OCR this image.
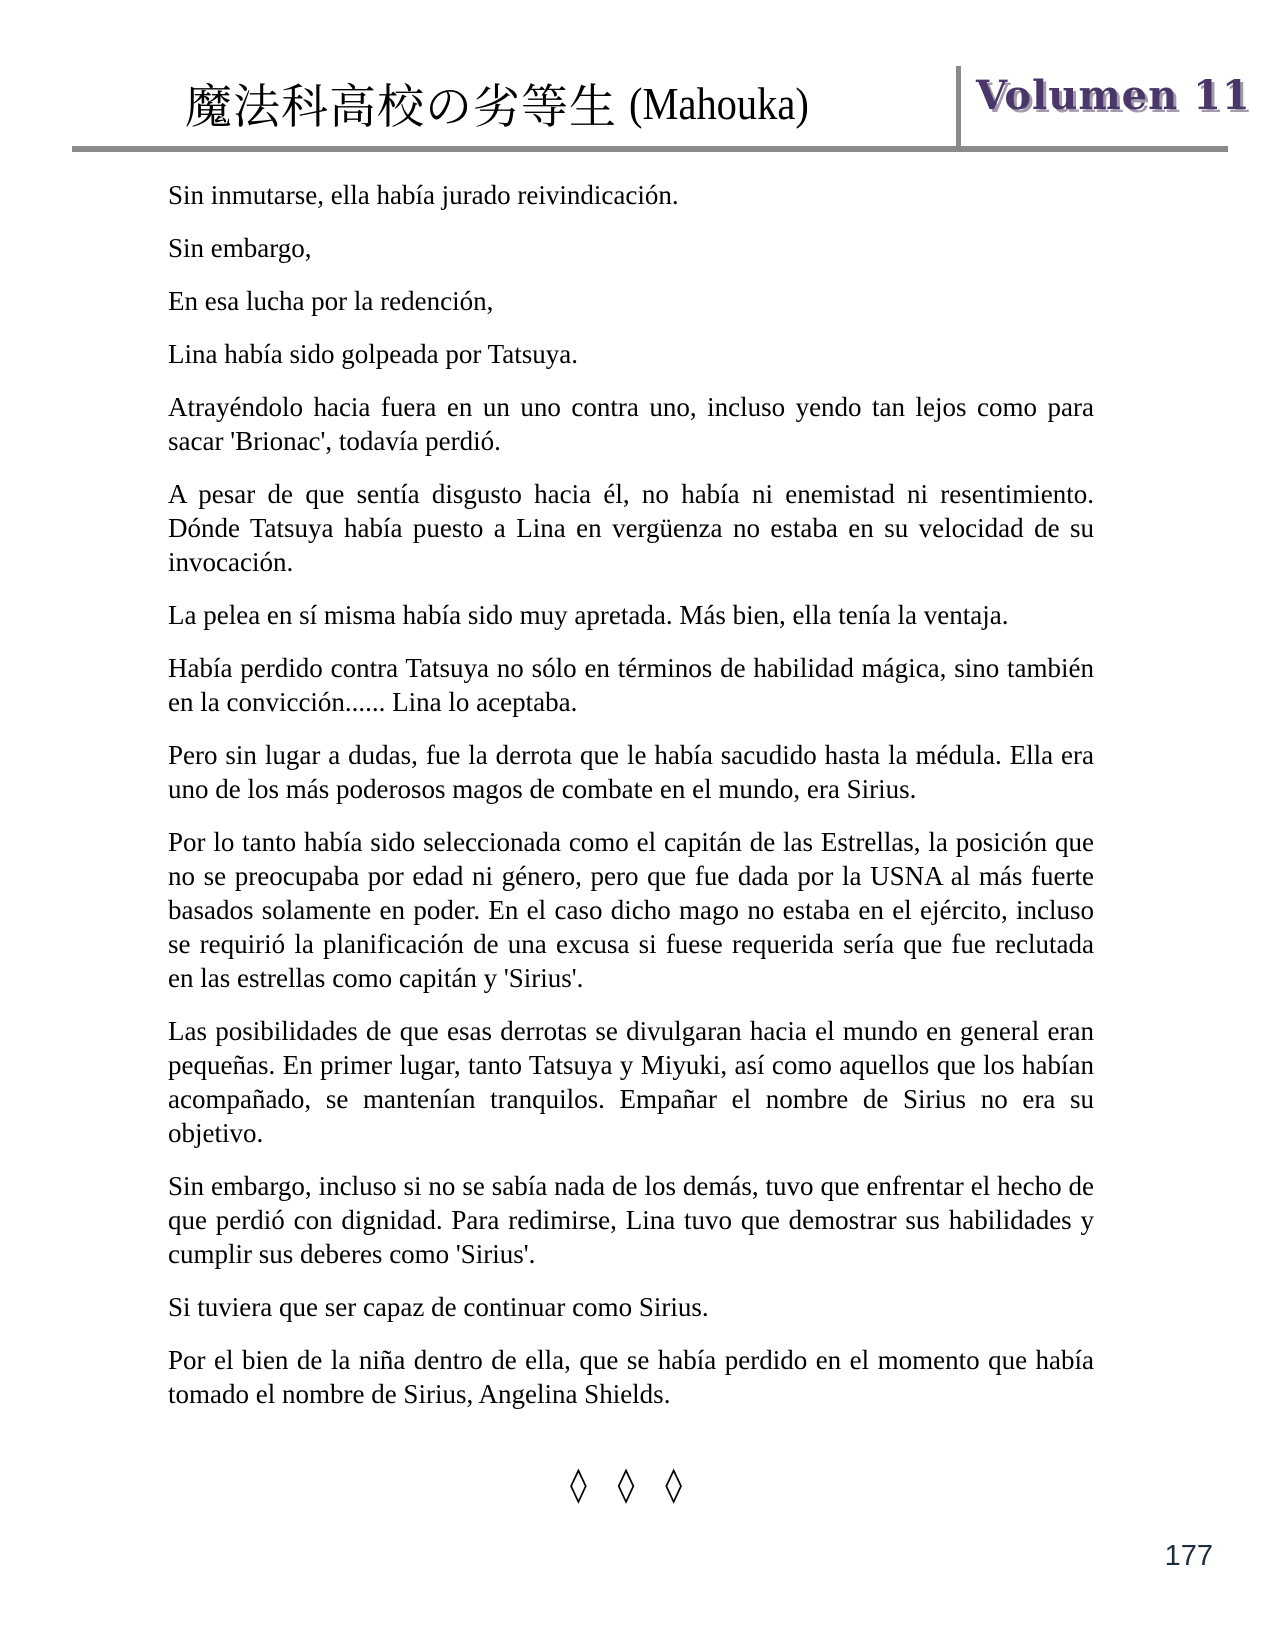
魔法科高校の劣等生 (Mahouka)	Volumen 11

Sin inmutarse, ella había jurado reivindicación.

Sin embargo,

En esa lucha por la redención,

Lina había sido golpeada por Tatsuya.

Atrayéndolo hacia fuera en un uno contra uno, incluso yendo tan lejos como para sacar 'Brionac', todavía perdió.

A pesar de que sentía disgusto hacia él, no había ni enemistad ni resentimiento. Dónde Tatsuya había puesto a Lina en vergüenza no estaba en su velocidad de su invocación.

La pelea en sí misma había sido muy apretada. Más bien, ella tenía la ventaja.

Había perdido contra Tatsuya no sólo en términos de habilidad mágica, sino también en la convicción...... Lina lo aceptaba.

Pero sin lugar a dudas, fue la derrota que le había sacudido hasta la médula. Ella era uno de los más poderosos magos de combate en el mundo, era Sirius.

Por lo tanto había sido seleccionada como el capitán de las Estrellas, la posición que no se preocupaba por edad ni género, pero que fue dada por la USNA al más fuerte basados solamente en poder. En el caso dicho mago no estaba en el ejército, incluso se requirió la planificación de una excusa si fuese requerida sería que fue reclutada en las estrellas como capitán y 'Sirius'.

Las posibilidades de que esas derrotas se divulgaran hacia el mundo en general eran pequeñas. En primer lugar, tanto Tatsuya y Miyuki, así como aquellos que los habían acompañado, se mantenían tranquilos. Empañar el nombre de Sirius no era su objetivo.

Sin embargo, incluso si no se sabía nada de los demás, tuvo que enfrentar el hecho de que perdió con dignidad. Para redimirse, Lina tuvo que demostrar sus habilidades y cumplir sus deberes como 'Sirius'.

Si tuviera que ser capaz de continuar como Sirius.

Por el bien de la niña dentro de ella, que se había perdido en el momento que había tomado el nombre de Sirius, Angelina Shields.

◊ ◊ ◊
177
